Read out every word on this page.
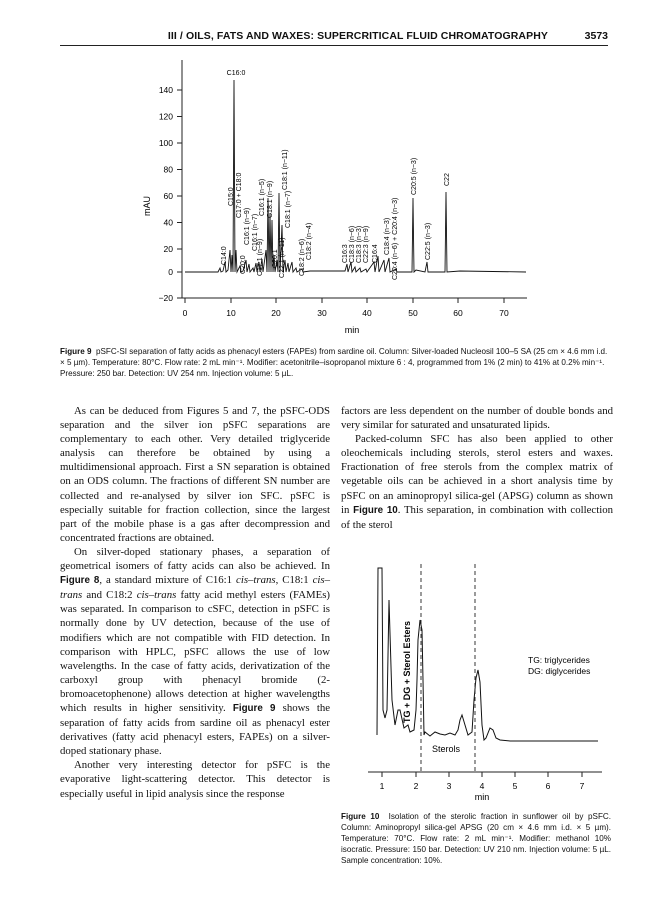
III / OILS, FATS AND WAXES: SUPERCRITICAL FLUID CHROMATOGRAPHY	3573
140
120
100
80
60
40
20
0
−20
mAU
0	10	20	30	40	50	60	70
min
C16:0
C14:0
C15:0 C17:0 + C18:0
C16:1 (n−9) C16:1 (n−7)
C16:1 (n−5) C18:1 (n−9)
C18:1 (n−11)
C18:1 (n−7)
C20:0 C17:1 (n−9) C20:1 C22:1 (n−11) C18:2 (n−6) C18:2 (n−4)	C16:3 C18:3 (n−6) C18:3 (n−3) C22:3 (n−9) C16:4 C18:4 (n−3) C20:4 (n−6) + C20:4 (n−3)
C20:5 (n−3)
C22:5 (n−3)
C22
Figure 9 pSFC-SI separation of fatty acids as phenacyl esters (FAPEs) from sardine oil. Column: Silver-loaded Nucleosil 100–5 SA (25 cm × 4.6 mm i.d. × 5 µm). Temperature: 80°C. Flow rate: 2 mL min⁻¹. Modifier: acetonitrile–isopropanol mixture 6 : 4, programmed from 1% (2 min) to 41% at 0.2% min⁻¹. Pressure: 250 bar. Detection: UV 254 nm. Injection volume: 5 µL.

As can be deduced from Figures 5 and 7, the pSFC-ODS separation and the silver ion pSFC separations are complementary to each other. Very detailed triglyceride analysis can therefore be obtained by using a multidimensional approach. First a SN separation is obtained on an ODS column. The fractions of different SN number are collected and re-analysed by silver ion SFC. pSFC is especially suitable for fraction collection, since the largest part of the mobile phase is a gas after decompression and concentrated fractions are obtained.

On silver-doped stationary phases, a separation of geometrical isomers of fatty acids can also be achieved. In Figure 8, a standard mixture of C16:1 cis–trans, C18:1 cis–trans and C18:2 cis–trans fatty acid methyl esters (FAMEs) was separated. In comparison to cSFC, detection in pSFC is normally done by UV detection, because of the use of modifiers which are not compatible with FID detection. In comparison with HPLC, pSFC allows the use of low wavelengths. In the case of fatty acids, derivatization of the carboxyl group with phenacyl bromide (2-bromoacetophenone) allows detection at higher wavelengths which results in higher sensitivity. Figure 9 shows the separation of fatty acids from sardine oil as phenacyl ester derivatives (fatty acid phenacyl esters, FAPEs) on a silver-doped stationary phase.

Another very interesting detector for pSFC is the evaporative light-scattering detector. This detector is especially useful in lipid analysis since the response

factors are less dependent on the number of double bonds and very similar for saturated and unsaturated lipids.

Packed-column SFC has also been applied to other oleochemicals including sterols, sterol esters and waxes. Fractionation of free sterols from the complex matrix of vegetable oils can be achieved in a short analysis time by pSFC on an aminopropyl silica-gel (APSG) column as shown in Figure 10. This separation, in combination with collection of the sterol

1	2	3	4	5	6	7
min
TG + DG + Sterol Esters
Sterols
TG: triglycerides
DG: diglycerides
Figure 10 Isolation of the sterolic fraction in sunflower oil by pSFC. Column: Aminopropyl silica-gel APSG (20 cm × 4.6 mm i.d. × 5 µm). Temperature: 70°C. Flow rate: 2 mL min⁻¹. Modifier: methanol 10% isocratic. Pressure: 150 bar. Detection: UV 210 nm. Injection volume: 5 µL. Sample concentration: 10%.
